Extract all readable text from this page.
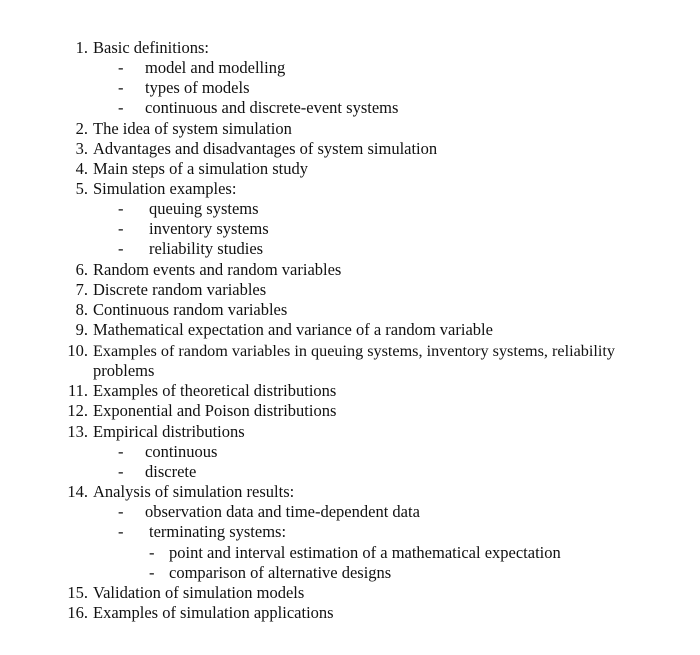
1. Basic definitions:
- model and modelling
- types of models
- continuous and discrete-event systems
2. The idea of system simulation
3. Advantages and disadvantages of system simulation
4. Main steps of a simulation study
5. Simulation examples:
- queuing systems
- inventory systems
- reliability studies
6. Random events and random variables
7. Discrete random variables
8. Continuous random variables
9. Mathematical expectation and variance of a random variable
10. Examples of random variables in queuing systems, inventory systems, reliability
problems
11. Examples of theoretical distributions
12. Exponential and Poison distributions
13. Empirical distributions
- continuous
- discrete
14. Analysis of simulation results:
- observation data and time-dependent data
- terminating systems:
- point and interval estimation of a mathematical expectation
- comparison of alternative designs
15. Validation of simulation models
16. Examples of simulation applications
